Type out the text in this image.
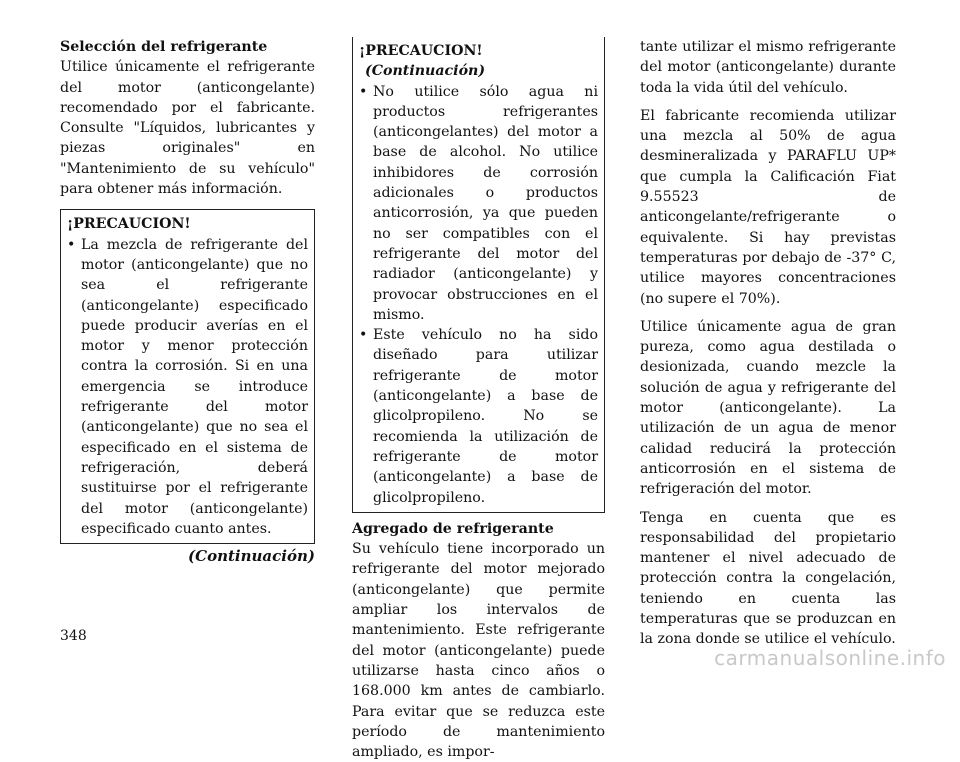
Selección del refrigerante

Utilice únicamente el refrigerante del motor (anticongelante) recomendado por el fabricante. Consulte "Líquidos, lubricantes y piezas originales" en "Mantenimiento de su vehículo" para obtener más información.

¡PRECAUCION!
• La mezcla de refrigerante del motor (anticongelante) que no sea el refrigerante (anticongelante) especificado puede producir averías en el motor y menor protección contra la corrosión. Si en una emergencia se introduce refrigerante del motor (anticongelante) que no sea el especificado en el sistema de refrigeración, deberá sustituirse por el refrigerante del motor (anticongelante) especificado cuanto antes.
(Continuación)
¡PRECAUCION!(Continuación)
• No utilice sólo agua ni productos refrigerantes (anticongelantes) del motor a base de alcohol. No utilice inhibidores de corrosión adicionales o productos anticorrosión, ya que pueden no ser compatibles con el refrigerante del motor del radiador (anticongelante) y provocar obstrucciones en el mismo.
• Este vehículo no ha sido diseñado para utilizar refrigerante de motor (anticongelante) a base de glicolpropileno. No se recomienda la utilización de refrigerante de motor (anticongelante) a base de glicolpropileno.

Agregado de refrigerante

Su vehículo tiene incorporado un refrigerante del motor mejorado (anticongelante) que permite ampliar los intervalos de mantenimiento. Este refrigerante del motor (anticongelante) puede utilizarse hasta cinco años o 168.000 km antes de cambiarlo. Para evitar que se reduzca este período de mantenimiento ampliado, es impor-

tante utilizar el mismo refrigerante del motor (anticongelante) durante toda la vida útil del vehículo.

El fabricante recomienda utilizar una mezcla al 50% de agua desmineralizada y PARAFLU UP* que cumpla la Calificación Fiat 9.55523 de anticongelante/refrigerante o equivalente. Si hay previstas temperaturas por debajo de -37° C, utilice mayores concentraciones (no supere el 70%).

Utilice únicamente agua de gran pureza, como agua destilada o desionizada, cuando mezcle la solución de agua y refrigerante del motor (anticongelante). La utilización de un agua de menor calidad reducirá la protección anticorrosión en el sistema de refrigeración del motor.

Tenga en cuenta que es responsabilidad del propietario mantener el nivel adecuado de protección contra la congelación, teniendo en cuenta las temperaturas que se produzcan en la zona donde se utilice el vehículo.

348
carmanualsonline.info
